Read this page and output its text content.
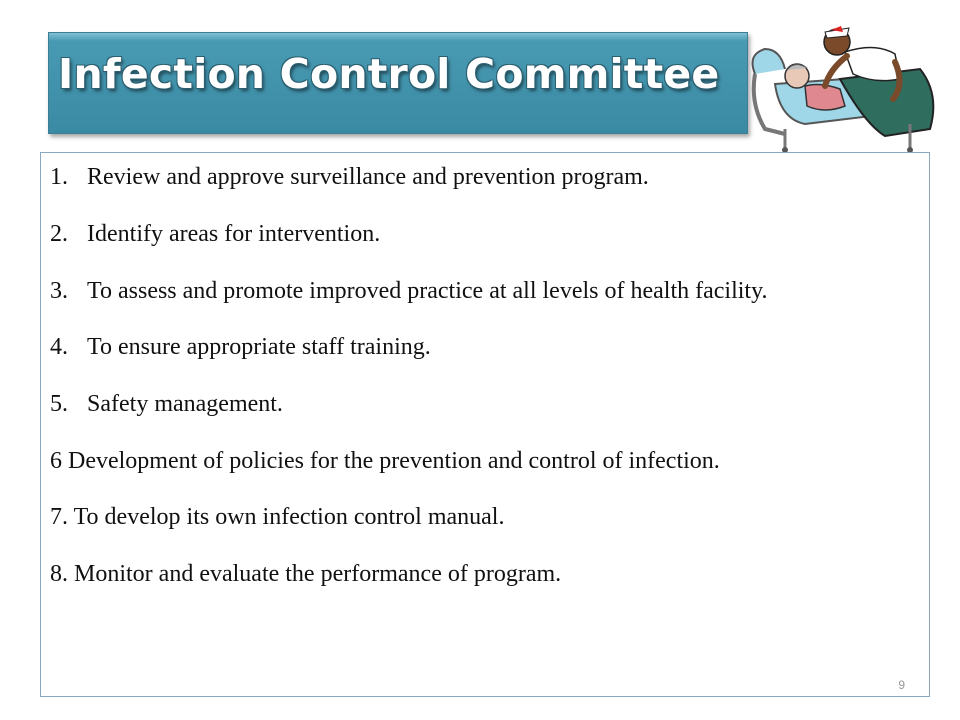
Infection Control Committee
1. Review and approve surveillance and prevention program.
2. Identify areas for intervention.
3. To assess and promote improved practice at all levels of health facility.
4. To ensure appropriate staff training.
5. Safety management.
6 Development of policies for the prevention and control of infection.
7. To develop its own infection control manual.
8. Monitor and evaluate the performance of program.
9
